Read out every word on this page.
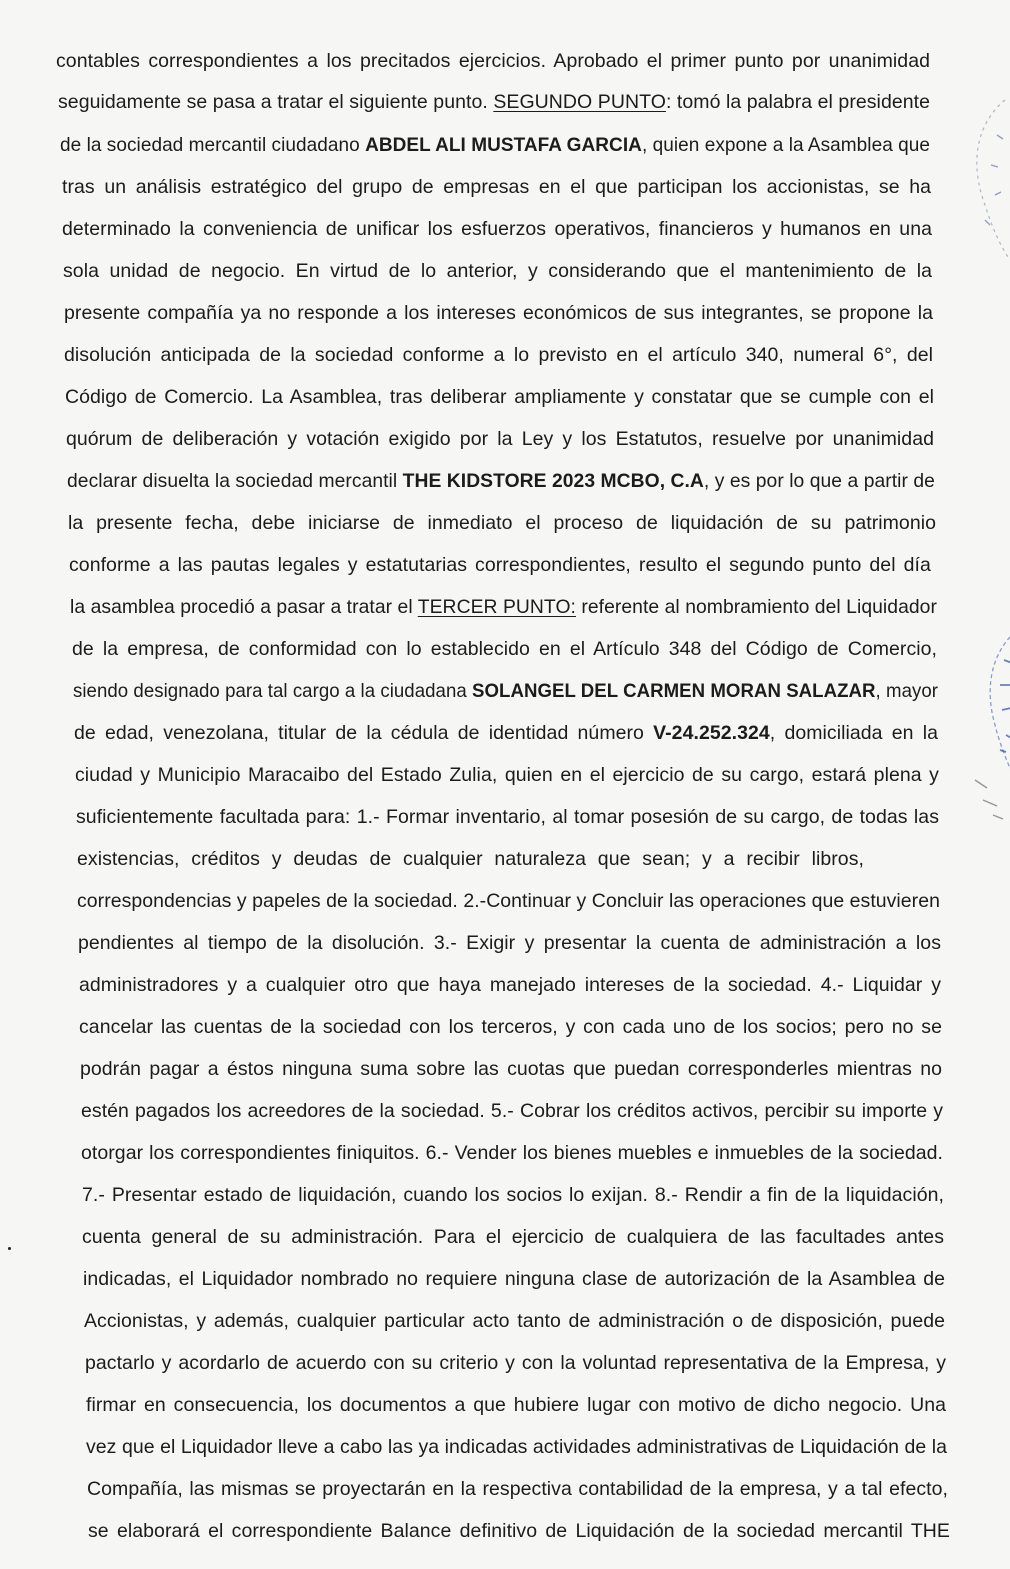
contables correspondientes a los precitados ejercicios. Aprobado el primer punto por unanimidad
seguidamente se pasa a tratar el siguiente punto. SEGUNDO PUNTO: tomó la palabra el presidente
de la sociedad mercantil ciudadano ABDEL ALI MUSTAFA GARCIA, quien expone a la Asamblea que
tras un análisis estratégico del grupo de empresas en el que participan los accionistas, se ha
determinado la conveniencia de unificar los esfuerzos operativos, financieros y humanos en una
sola unidad de negocio. En virtud de lo anterior, y considerando que el mantenimiento de la
presente compañía ya no responde a los intereses económicos de sus integrantes, se propone la
disolución anticipada de la sociedad conforme a lo previsto en el artículo 340, numeral 6°, del
Código de Comercio. La Asamblea, tras deliberar ampliamente y constatar que se cumple con el
quórum de deliberación y votación exigido por la Ley y los Estatutos, resuelve por unanimidad
declarar disuelta la sociedad mercantil THE KIDSTORE 2023 MCBO, C.A, y es por lo que a partir de
la presente fecha, debe iniciarse de inmediato el proceso de liquidación de su patrimonio
conforme a las pautas legales y estatutarias correspondientes, resulto el segundo punto del día
la asamblea procedió a pasar a tratar el TERCER PUNTO: referente al nombramiento del Liquidador
de la empresa, de conformidad con lo establecido en el Artículo 348 del Código de Comercio,
siendo designado para tal cargo a la ciudadana SOLANGEL DEL CARMEN MORAN SALAZAR, mayor
de edad, venezolana, titular de la cédula de identidad número V-24.252.324, domiciliada en la
ciudad y Municipio Maracaibo del Estado Zulia, quien en el ejercicio de su cargo, estará plena y
suficientemente facultada para: 1.- Formar inventario, al tomar posesión de su cargo, de todas las
existencias, créditos y deudas de cualquier naturaleza que sean; y a recibir libros,
correspondencias y papeles de la sociedad. 2.-Continuar y Concluir las operaciones que estuvieren
pendientes al tiempo de la disolución. 3.- Exigir y presentar la cuenta de administración a los
administradores y a cualquier otro que haya manejado intereses de la sociedad. 4.- Liquidar y
cancelar las cuentas de la sociedad con los terceros, y con cada uno de los socios; pero no se
podrán pagar a éstos ninguna suma sobre las cuotas que puedan corresponderles mientras no
estén pagados los acreedores de la sociedad. 5.- Cobrar los créditos activos, percibir su importe y
otorgar los correspondientes finiquitos. 6.- Vender los bienes muebles e inmuebles de la sociedad.
7.- Presentar estado de liquidación, cuando los socios lo exijan. 8.- Rendir a fin de la liquidación,
cuenta general de su administración. Para el ejercicio de cualquiera de las facultades antes
indicadas, el Liquidador nombrado no requiere ninguna clase de autorización de la Asamblea de
Accionistas, y además, cualquier particular acto tanto de administración o de disposición, puede
pactarlo y acordarlo de acuerdo con su criterio y con la voluntad representativa de la Empresa, y
firmar en consecuencia, los documentos a que hubiere lugar con motivo de dicho negocio. Una
vez que el Liquidador lleve a cabo las ya indicadas actividades administrativas de Liquidación de la
Compañía, las mismas se proyectarán en la respectiva contabilidad de la empresa, y a tal efecto,
se elaborará el correspondiente Balance definitivo de Liquidación de la sociedad mercantil THE
